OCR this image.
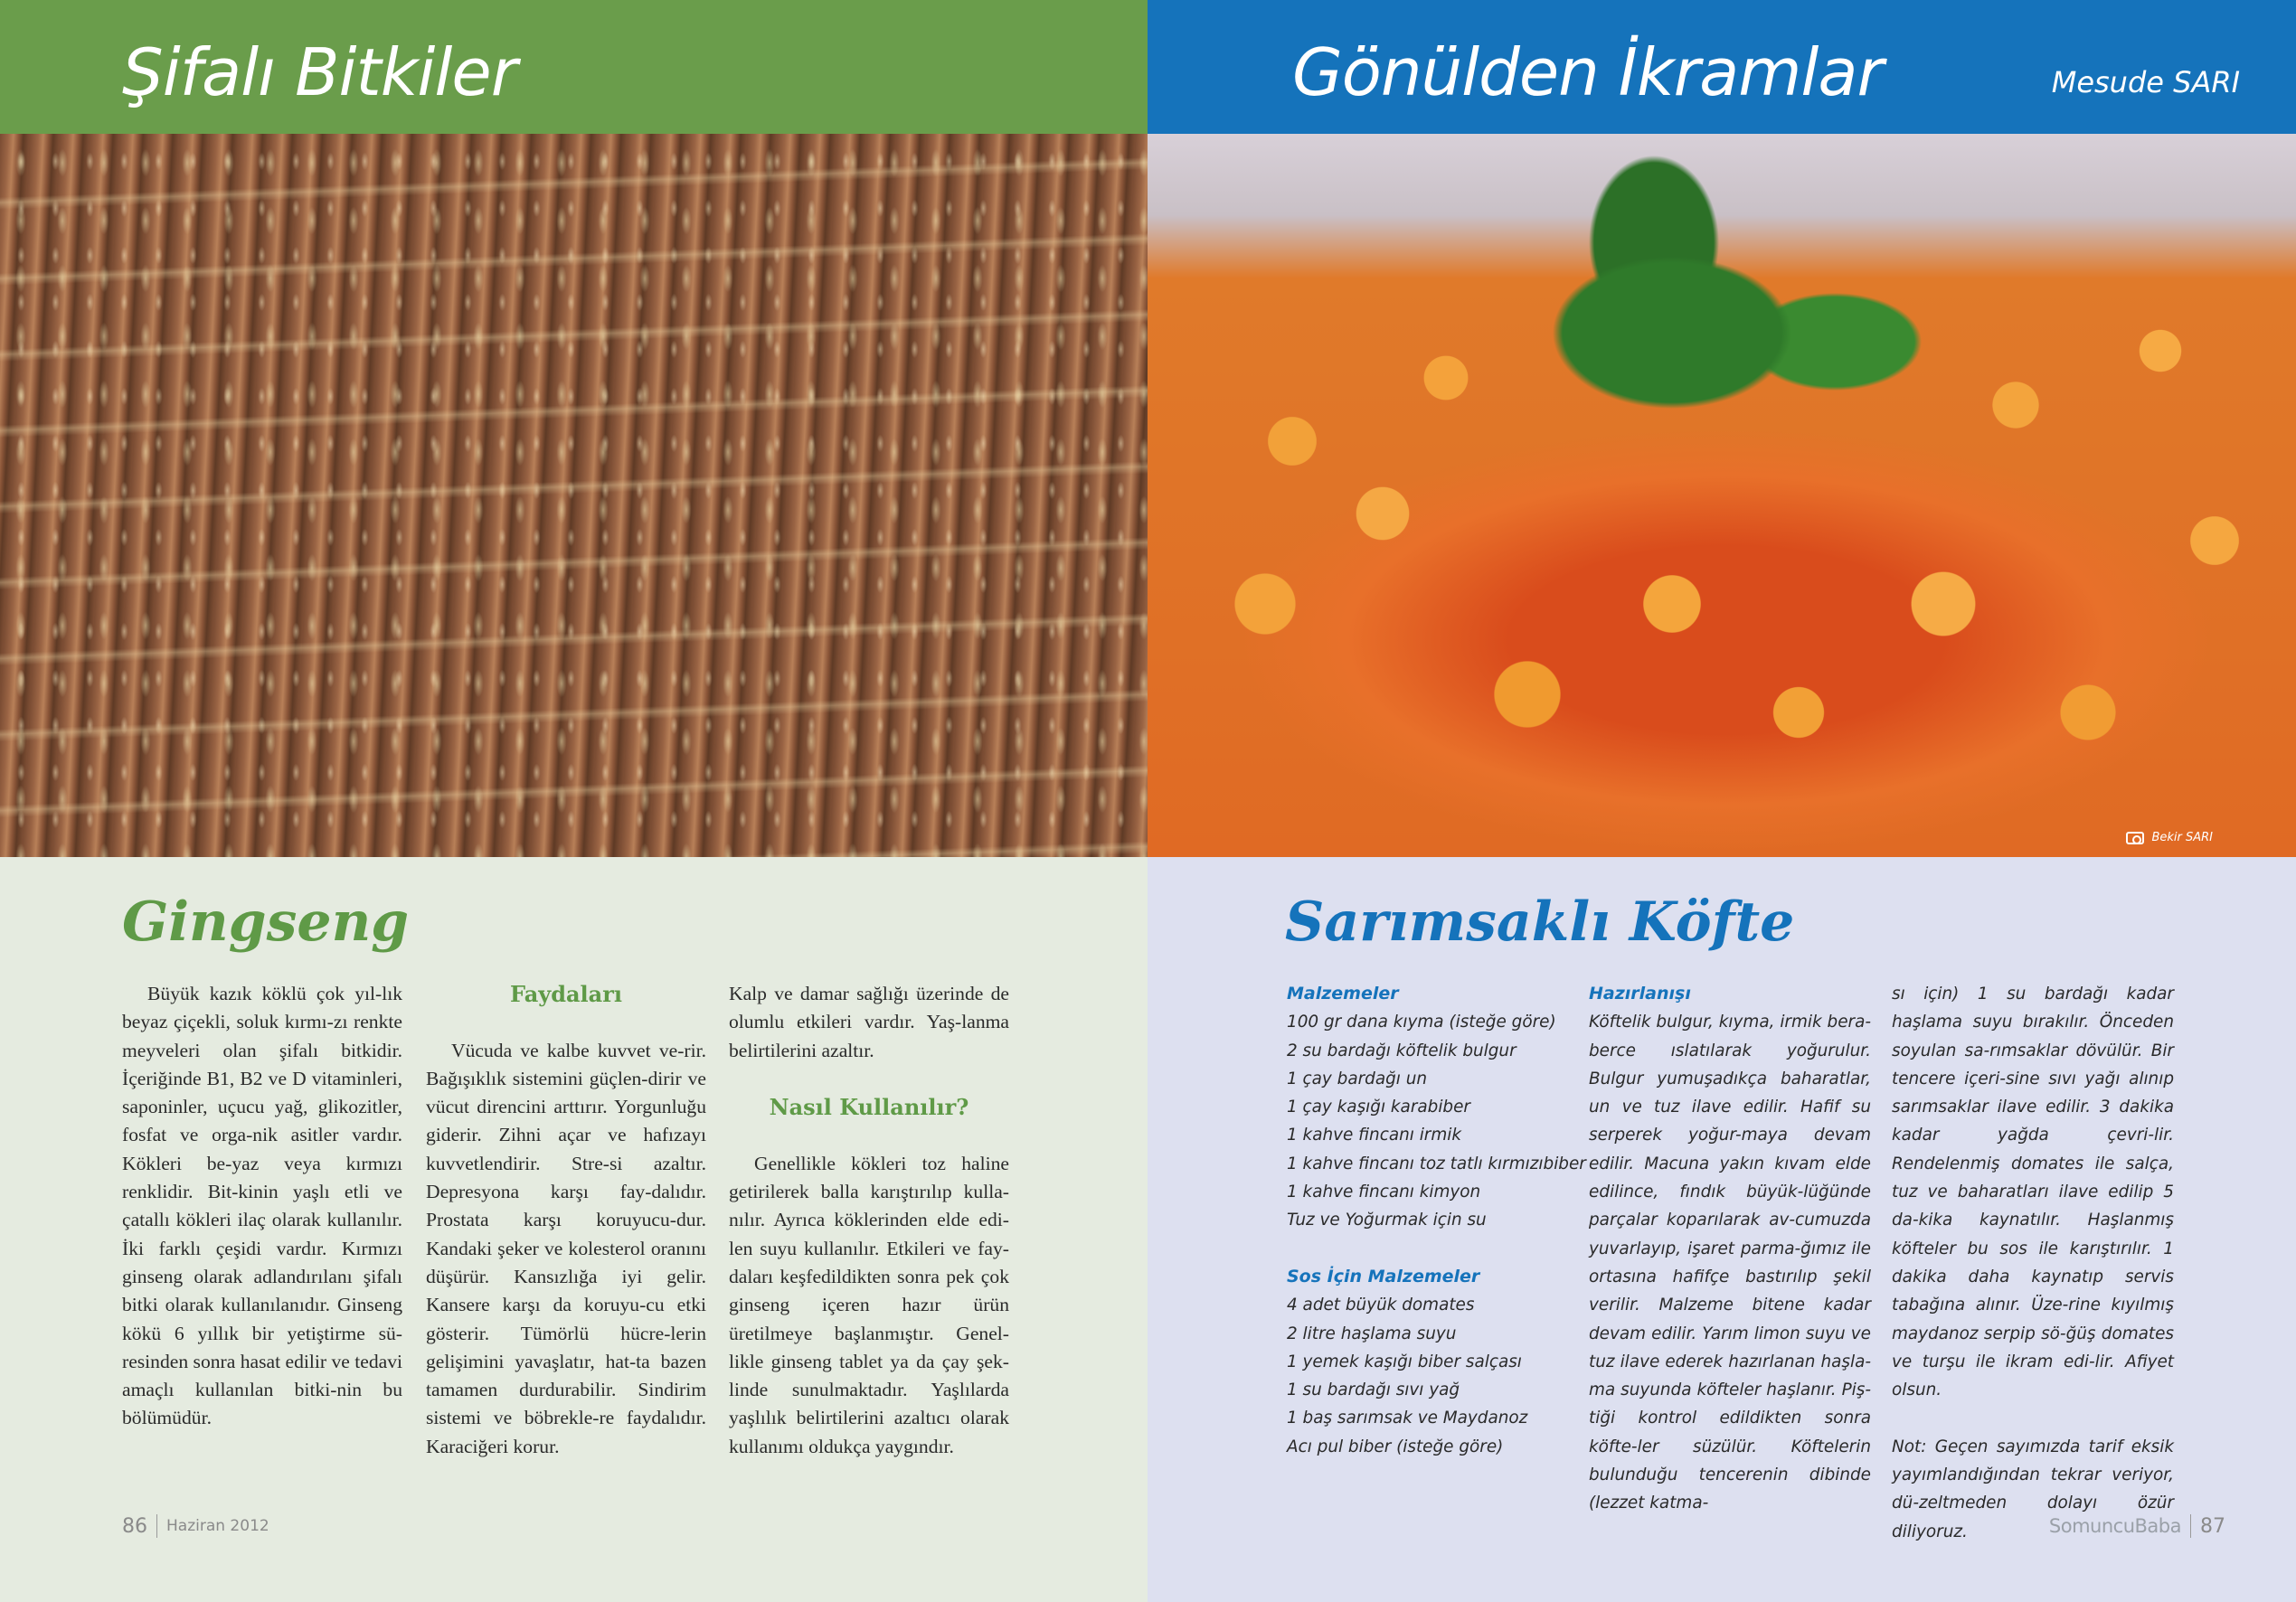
Şifalı Bitkiler
Gingseng

Büyük kazık köklü çok yıl-lık beyaz çiçekli, soluk kırmı-zı renkte meyveleri olan şifalı bitkidir. İçeriğinde B1, B2 ve D vitaminleri, saponinler, uçucu yağ, glikozitler, fosfat ve orga-nik asitler vardır. Kökleri be-yaz veya kırmızı renklidir. Bit-kinin yaşlı etli ve çatallı kökleri ilaç olarak kullanılır. İki farklı çeşidi vardır. Kırmızı ginseng olarak adlandırılanı şifalı bitki olarak kullanılanıdır. Ginseng kökü 6 yıllık bir yetiştirme sü-resinden sonra hasat edilir ve tedavi amaçlı kullanılan bitki-nin bu bölümüdür.

Faydaları

Vücuda ve kalbe kuvvet ve-rir. Bağışıklık sistemini güçlen-dirir ve vücut direncini arttırır. Yorgunluğu giderir. Zihni açar ve hafızayı kuvvetlendirir. Stre-si azaltır. Depresyona karşı fay-dalıdır. Prostata karşı koruyucu-dur. Kandaki şeker ve kolesterol oranını düşürür. Kansızlığa iyi gelir. Kansere karşı da koruyu-cu etki gösterir. Tümörlü hücre-lerin gelişimini yavaşlatır, hat-ta bazen tamamen durdurabilir. Sindirim sistemi ve böbrekle-re faydalıdır. Karaciğeri korur.

Kalp ve damar sağlığı üzerinde de olumlu etkileri vardır. Yaş-lanma belirtilerini azaltır.
Nasıl Kullanılır?

Genellikle kökleri toz haline getirilerek balla karıştırılıp kulla-nılır. Ayrıca köklerinden elde edi-len suyu kullanılır. Etkileri ve fay-daları keşfedildikten sonra pek çok ginseng içeren hazır ürün üretilmeye başlanmıştır. Genel-likle ginseng tablet ya da çay şek-linde sunulmaktadır. Yaşlılarda yaşlılık belirtilerini azaltıcı olarak kullanımı oldukça yaygındır.

86 Haziran 2012
Gönülden İkramlar	Mesude SARI
Bekir SARI
Sarımsaklı Köfte
Malzemeler
100 gr dana kıyma (isteğe göre)
2 su bardağı köftelik bulgur
1 çay bardağı un
1 çay kaşığı karabiber
1 kahve fincanı irmik
1 kahve fincanı toz tatlı kırmızıbiber
1 kahve fincanı kimyon
Tuz ve Yoğurmak için su
Sos İçin Malzemeler
4 adet büyük domates
2 litre haşlama suyu
1 yemek kaşığı biber salçası
1 su bardağı sıvı yağ
1 baş sarımsak ve Maydanoz
Acı pul biber (isteğe göre)
Hazırlanışı
Köftelik bulgur, kıyma, irmik bera-berce ıslatılarak yoğurulur. Bulgur yumuşadıkça baharatlar, un ve tuz ilave edilir. Hafif su serperek yoğur-maya devam edilir. Macuna yakın kıvam elde edilince, fındık büyük-lüğünde parçalar koparılarak av-cumuzda yuvarlayıp, işaret parma-ğımız ile ortasına hafifçe bastırılıp şekil verilir. Malzeme bitene kadar devam edilir. Yarım limon suyu ve tuz ilave ederek hazırlanan haşla-ma suyunda köfteler haşlanır. Piş-tiği kontrol edildikten sonra köfte-ler süzülür. Köftelerin bulunduğu tencerenin dibinde (lezzet katma-
sı için) 1 su bardağı kadar haşlama suyu bırakılır. Önceden soyulan sa-rımsaklar dövülür. Bir tencere içeri-sine sıvı yağı alınıp sarımsaklar ilave edilir. 3 dakika kadar yağda çevri-lir. Rendelenmiş domates ile salça, tuz ve baharatları ilave edilip 5 da-kika kaynatılır. Haşlanmış köfteler bu sos ile karıştırılır. 1 dakika daha kaynatıp servis tabağına alınır. Üze-rine kıyılmış maydanoz serpip sö-ğüş domates ve turşu ile ikram edi-lir. Afiyet olsun.
Not: Geçen sayımızda tarif eksik yayımlandığından tekrar veriyor, dü-zeltmeden dolayı özür diliyoruz.	SomuncuBaba 87
